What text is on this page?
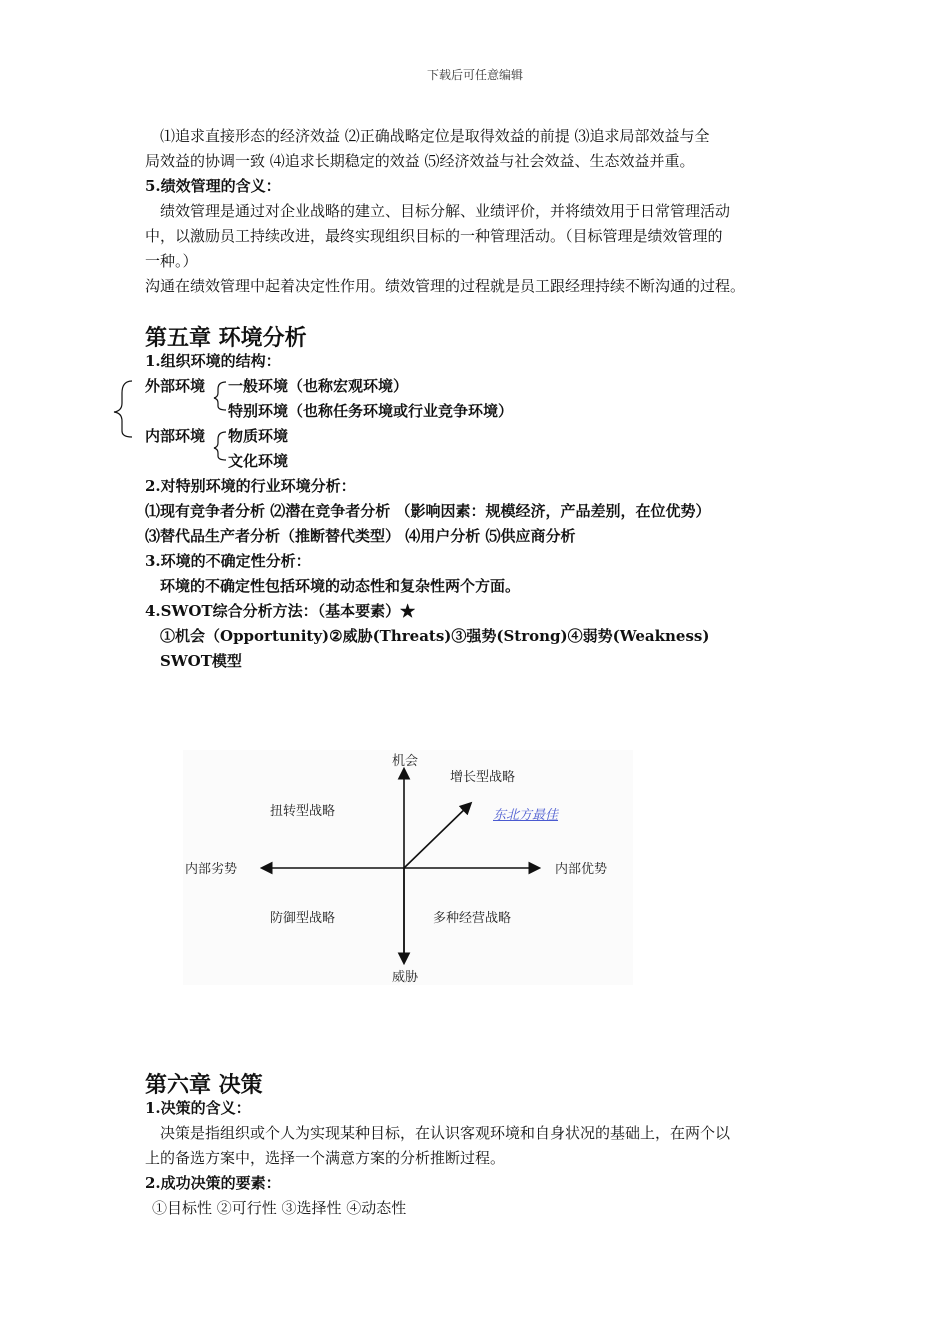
下载后可任意编辑
⑴追求直接形态的经济效益 ⑵正确战略定位是取得效益的前提 ⑶追求局部效益与全
局效益的协调一致 ⑷追求长期稳定的效益 ⑸经济效益与社会效益、生态效益并重。
5.绩效管理的含义：
绩效管理是通过对企业战略的建立、目标分解、业绩评价，并将绩效用于日常管理活动
中，以激励员工持续改进，最终实现组织目标的一种管理活动。（目标管理是绩效管理的
一种。）
沟通在绩效管理中起着决定性作用。绩效管理的过程就是员工跟经理持续不断沟通的过程。
第五章 环境分析
1.组织环境的结构：
外部环境 一般环境（也称宏观环境）
特别环境（也称任务环境或行业竞争环境）
内部环境 物质环境
文化环境
2.对特别环境的行业环境分析：
⑴现有竞争者分析 ⑵潜在竞争者分析 （影响因素：规模经济，产品差别，在位优势）
⑶替代品生产者分析（推断替代类型） ⑷用户分析 ⑸供应商分析
3.环境的不确定性分析：
环境的不确定性包括环境的动态性和复杂性两个方面。
4.SWOT综合分析方法：（基本要素）★
①机会（Opportunity)②威胁(Threats)③强势(Strong)④弱势(Weakness)
SWOT模型
机会
威胁
内部劣势	内部优势
扭转型战略
增长型战略
防御型战略	多种经营战略
东北方最佳
第六章 决策
1.决策的含义：
决策是指组织或个人为实现某种目标，在认识客观环境和自身状况的基础上，在两个以
上的备选方案中，选择一个满意方案的分析推断过程。
2.成功决策的要素：
①目标性 ②可行性 ③选择性 ④动态性
